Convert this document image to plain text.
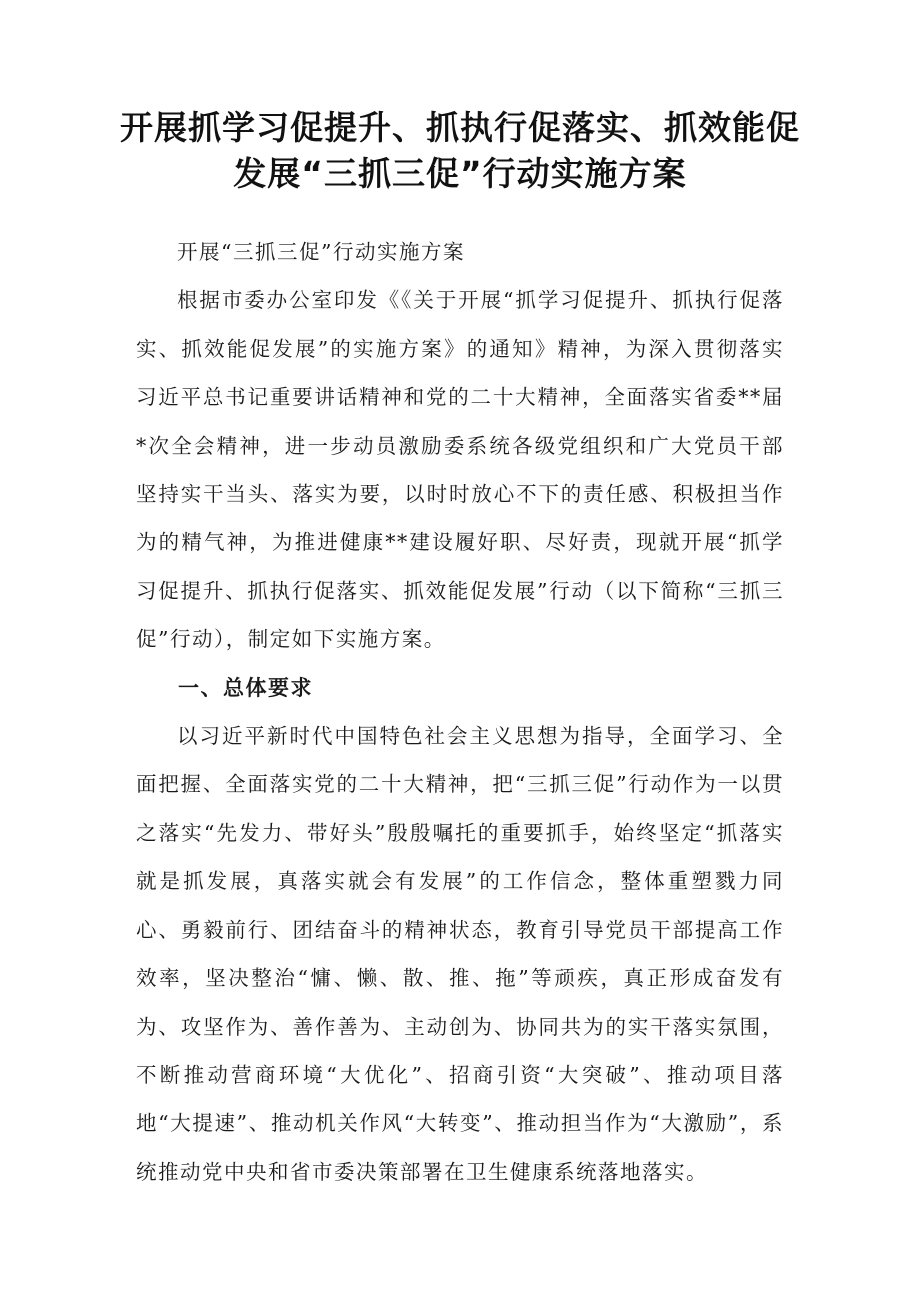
开展抓学习促提升、抓执行促落实、抓效能促
发展“三抓三促”行动实施方案

开展“三抓三促”行动实施方案

根据市委办公室印发《《关于开展“抓学习促提升、抓执行促落实、抓效能促发展”的实施方案》的通知》精神，为深入贯彻落实习近平总书记重要讲话精神和党的二十大精神，全面落实省委**届*次全会精神，进一步动员激励委系统各级党组织和广大党员干部坚持实干当头、落实为要，以时时放心不下的责任感、积极担当作为的精气神，为推进健康**建设履好职、尽好责，现就开展“抓学习促提升、抓执行促落实、抓效能促发展”行动（以下简称“三抓三促”行动），制定如下实施方案。

一、总体要求

以习近平新时代中国特色社会主义思想为指导，全面学习、全面把握、全面落实党的二十大精神，把“三抓三促”行动作为一以贯之落实“先发力、带好头”殷殷嘱托的重要抓手，始终坚定“抓落实就是抓发展，真落实就会有发展”的工作信念，整体重塑戮力同心、勇毅前行、团结奋斗的精神状态，教育引导党员干部提高工作效率，坚决整治“慵、懒、散、推、拖”等顽疾，真正形成奋发有为、攻坚作为、善作善为、主动创为、协同共为的实干落实氛围，不断推动营商环境“大优化”、招商引资“大突破”、推动项目落地“大提速”、推动机关作风“大转变”、推动担当作为“大激励”，系统推动党中央和省市委决策部署在卫生健康系统落地落实。
